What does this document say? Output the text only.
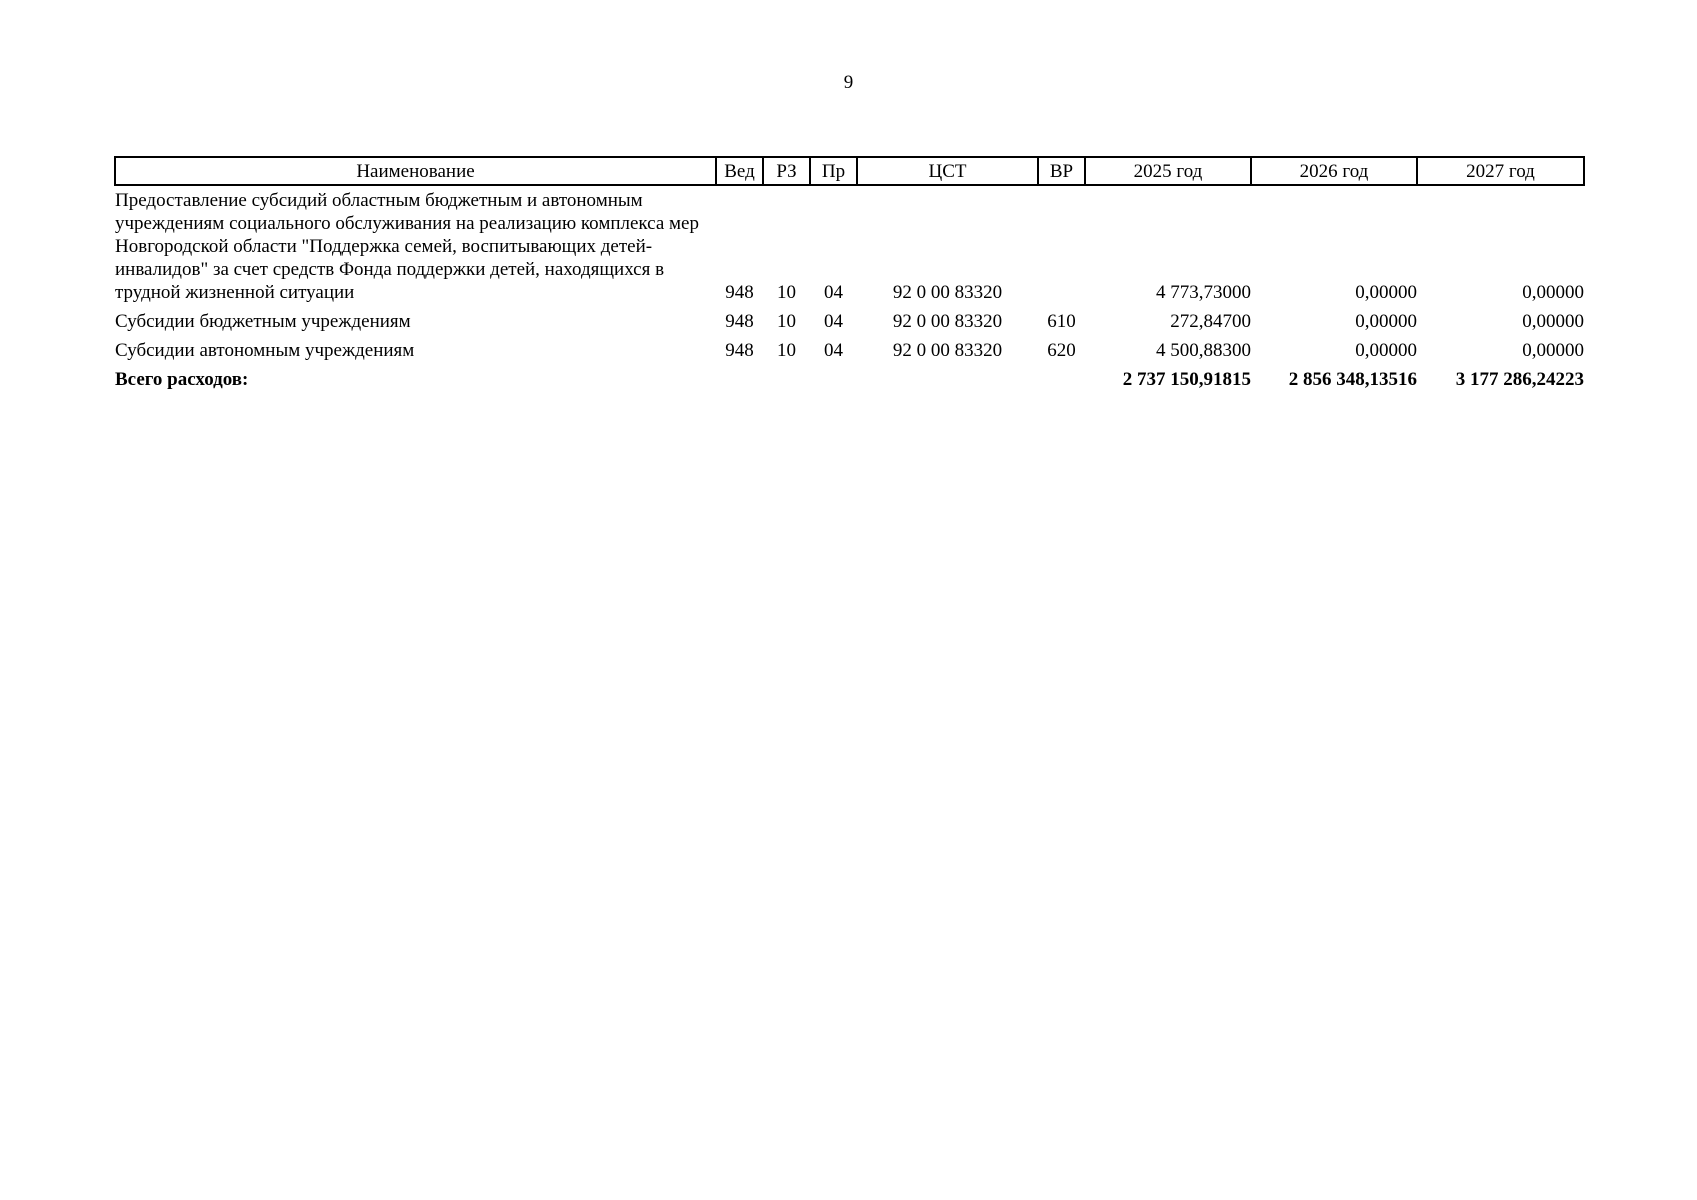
9
Наименование	Вед	РЗ	Пр	ЦСТ	ВР	2025 год	2026 год	2027 год
Предоставление субсидий областным бюджетным и автономным учреждениям социального обслуживания на реализацию комплекса мер Новгородской области "Поддержка семей, воспитывающих детей-инвалидов" за счет средств Фонда поддержки детей, находящихся в трудной жизненной ситуации	948	10	04	92 0 00 83320		4 773,73000	0,00000	0,00000
Субсидии бюджетным учреждениям	948	10	04	92 0 00 83320	610	272,84700	0,00000	0,00000
Субсидии автономным учреждениям	948	10	04	92 0 00 83320	620	4 500,88300	0,00000	0,00000
Всего расходов:						2 737 150,91815	2 856 348,13516	3 177 286,24223
